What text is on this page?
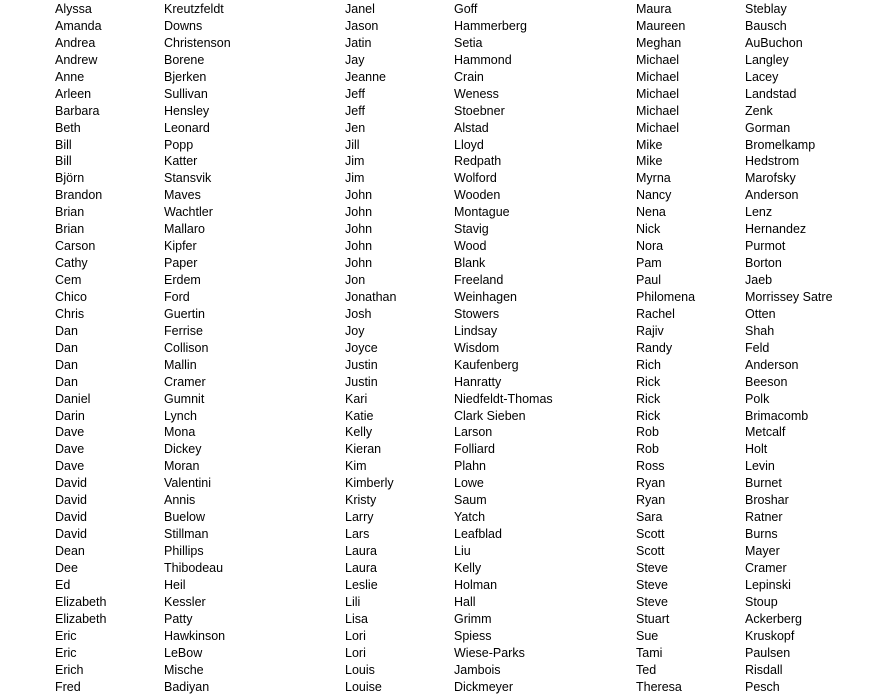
Alyssa
Amanda
Andrea
Andrew
Anne
Arleen
Barbara
Beth
Bill
Bill
Björn
Brandon
Brian
Brian
Carson
Cathy
Cem
Chico
Chris
Dan
Dan
Dan
Dan
Daniel
Darin
Dave
Dave
Dave
David
David
David
David
Dean
Dee
Ed
Elizabeth
Elizabeth
Eric
Eric
Erich
Fred
Kreutzfeldt
Downs
Christenson
Borene
Bjerken
Sullivan
Hensley
Leonard
Popp
Katter
Stansvik
Maves
Wachtler
Mallaro
Kipfer
Paper
Erdem
Ford
Guertin
Ferrise
Collison
Mallin
Cramer
Gumnit
Lynch
Mona
Dickey
Moran
Valentini
Annis
Buelow
Stillman
Phillips
Thibodeau
Heil
Kessler
Patty
Hawkinson
LeBow
Mische
Badiyan
Janel
Jason
Jatin
Jay
Jeanne
Jeff
Jeff
Jen
Jill
Jim
Jim
John
John
John
John
John
Jon
Jonathan
Josh
Joy
Joyce
Justin
Justin
Kari
Katie
Kelly
Kieran
Kim
Kimberly
Kristy
Larry
Lars
Laura
Laura
Leslie
Lili
Lisa
Lori
Lori
Louis
Louise
Goff
Hammerberg
Setia
Hammond
Crain
Weness
Stoebner
Alstad
Lloyd
Redpath
Wolford
Wooden
Montague
Stavig
Wood
Blank
Freeland
Weinhagen
Stowers
Lindsay
Wisdom
Kaufenberg
Hanratty
Niedfeldt-Thomas
Clark Sieben
Larson
Folliard
Plahn
Lowe
Saum
Yatch
Leafblad
Liu
Kelly
Holman
Hall
Grimm
Spiess
Wiese-Parks
Jambois
Dickmeyer
Maura
Maureen
Meghan
Michael
Michael
Michael
Michael
Michael
Mike
Mike
Myrna
Nancy
Nena
Nick
Nora
Pam
Paul
Philomena
Rachel
Rajiv
Randy
Rich
Rick
Rick
Rick
Rob
Rob
Ross
Ryan
Ryan
Sara
Scott
Scott
Steve
Steve
Steve
Stuart
Sue
Tami
Ted
Theresa
Steblay
Bausch
AuBuchon
Langley
Lacey
Landstad
Zenk
Gorman
Bromelkamp
Hedstrom
Marofsky
Anderson
Lenz
Hernandez
Purmot
Borton
Jaeb
Morrissey Satre
Otten
Shah
Feld
Anderson
Beeson
Polk
Brimacomb
Metcalf
Holt
Levin
Burnet
Broshar
Ratner
Burns
Mayer
Cramer
Lepinski
Stoup
Ackerberg
Kruskopf
Paulsen
Risdall
Pesch
